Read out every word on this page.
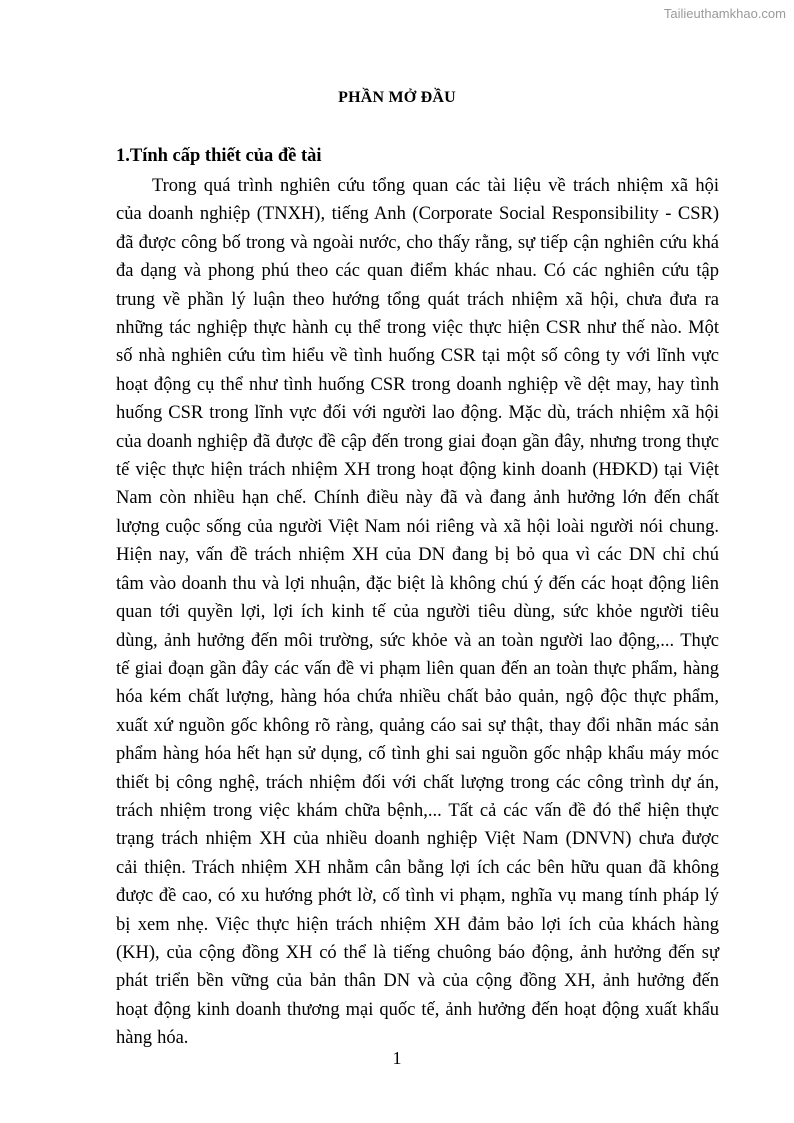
Tailieuthamkhao.com
PHẦN MỞ ĐẦU
1.Tính cấp thiết của đề tài

Trong quá trình nghiên cứu tổng quan các tài liệu về trách nhiệm xã hội của doanh nghiệp (TNXH), tiếng Anh (Corporate Social Responsibility - CSR) đã được công bố trong và ngoài nước, cho thấy rằng, sự tiếp cận nghiên cứu khá đa dạng và phong phú theo các quan điểm khác nhau. Có các nghiên cứu tập trung về phần lý luận theo hướng tổng quát trách nhiệm xã hội, chưa đưa ra những tác nghiệp thực hành cụ thể trong việc thực hiện CSR như thế nào. Một số nhà nghiên cứu tìm hiểu về tình huống CSR tại một số công ty với lĩnh vực hoạt động cụ thể như tình huống CSR trong doanh nghiệp về dệt may, hay tình huống CSR trong lĩnh vực đối với người lao động. Mặc dù, trách nhiệm xã hội của doanh nghiệp đã được đề cập đến trong giai đoạn gần đây, nhưng trong thực tế việc thực hiện trách nhiệm XH trong hoạt động kinh doanh (HĐKD) tại Việt Nam còn nhiều hạn chế. Chính điều này đã và đang ảnh hưởng lớn đến chất lượng cuộc sống của người Việt Nam nói riêng và xã hội loài người nói chung. Hiện nay, vấn đề trách nhiệm XH của DN đang bị bỏ qua vì các DN chỉ chú tâm vào doanh thu và lợi nhuận, đặc biệt là không chú ý đến các hoạt động liên quan tới quyền lợi, lợi ích kinh tế của người tiêu dùng, sức khỏe người tiêu dùng, ảnh hưởng đến môi trường, sức khỏe và an toàn người lao động,... Thực tế giai đoạn gần đây các vấn đề vi phạm liên quan đến an toàn thực phẩm, hàng hóa kém chất lượng, hàng hóa chứa nhiều chất bảo quản, ngộ độc thực phẩm, xuất xứ nguồn gốc không rõ ràng, quảng cáo sai sự thật, thay đổi nhãn mác sản phẩm hàng hóa hết hạn sử dụng, cố tình ghi sai nguồn gốc nhập khẩu máy móc thiết bị công nghệ, trách nhiệm đối với chất lượng trong các công trình dự án, trách nhiệm trong việc khám chữa bệnh,... Tất cả các vấn đề đó thể hiện thực trạng trách nhiệm XH của nhiều doanh nghiệp Việt Nam (DNVN) chưa được cải thiện. Trách nhiệm XH nhằm cân bằng lợi ích các bên hữu quan đã không được đề cao, có xu hướng phớt lờ, cố tình vi phạm, nghĩa vụ mang tính pháp lý bị xem nhẹ. Việc thực hiện trách nhiệm XH đảm bảo lợi ích của khách hàng (KH), của cộng đồng XH có thể là tiếng chuông báo động, ảnh hưởng đến sự phát triển bền vững của bản thân DN và của cộng đồng XH, ảnh hưởng đến hoạt động kinh doanh thương mại quốc tế, ảnh hưởng đến hoạt động xuất khẩu hàng hóa.

1
